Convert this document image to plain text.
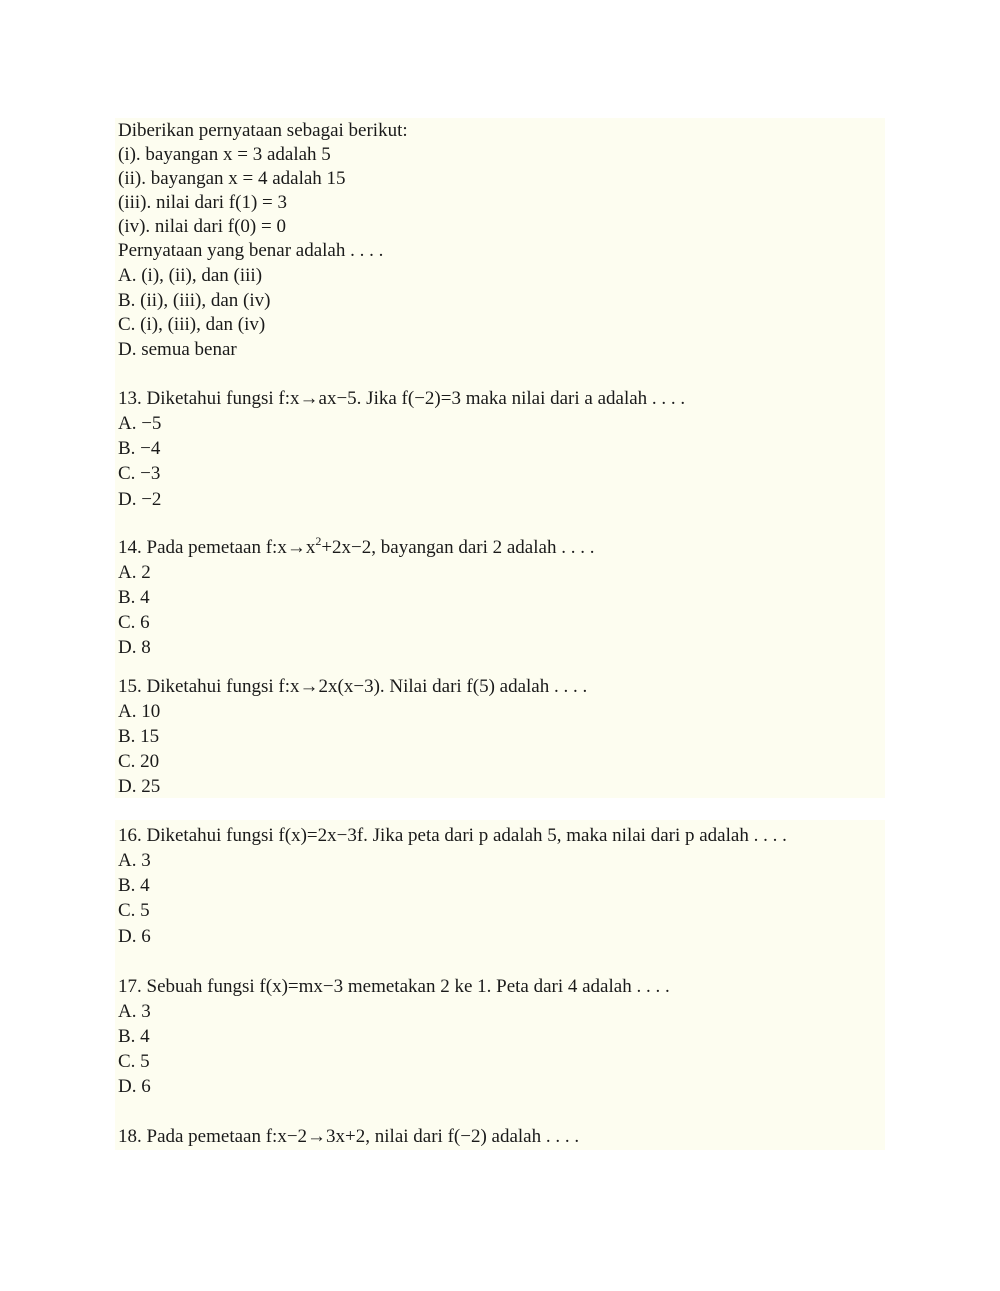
Diberikan pernyataan sebagai berikut:
(i). bayangan x = 3 adalah 5
(ii). bayangan x = 4 adalah 15
(iii). nilai dari f(1) = 3
(iv). nilai dari f(0) = 0
Pernyataan yang benar adalah . . . .
A. (i), (ii), dan (iii)
B. (ii), (iii), dan (iv)
C. (i), (iii), dan (iv)
D. semua benar
13. Diketahui fungsi f:x→ax−5. Jika f(−2)=3 maka nilai dari a adalah . . . .
A. −5
B. −4
C. −3
D. −2
14. Pada pemetaan $f:x\to x^2+2x-2$, bayangan dari 2 adalah . . . .
A. 2
B. 4
C. 6
D. 8
15. Diketahui fungsi f:x→2x(x−3). Nilai dari f(5) adalah . . . .
A. 10
B. 15
C. 20
D. 25
16. Diketahui fungsi f(x)=2x−3f. Jika peta dari p adalah 5, maka nilai dari p adalah . . . .
A. 3
B. 4
C. 5
D. 6
17. Sebuah fungsi f(x)=mx−3 memetakan 2 ke 1. Peta dari 4 adalah . . . .
A. 3
B. 4
C. 5
D. 6
18. Pada pemetaan f:x−2→3x+2, nilai dari f(−2) adalah . . . .
